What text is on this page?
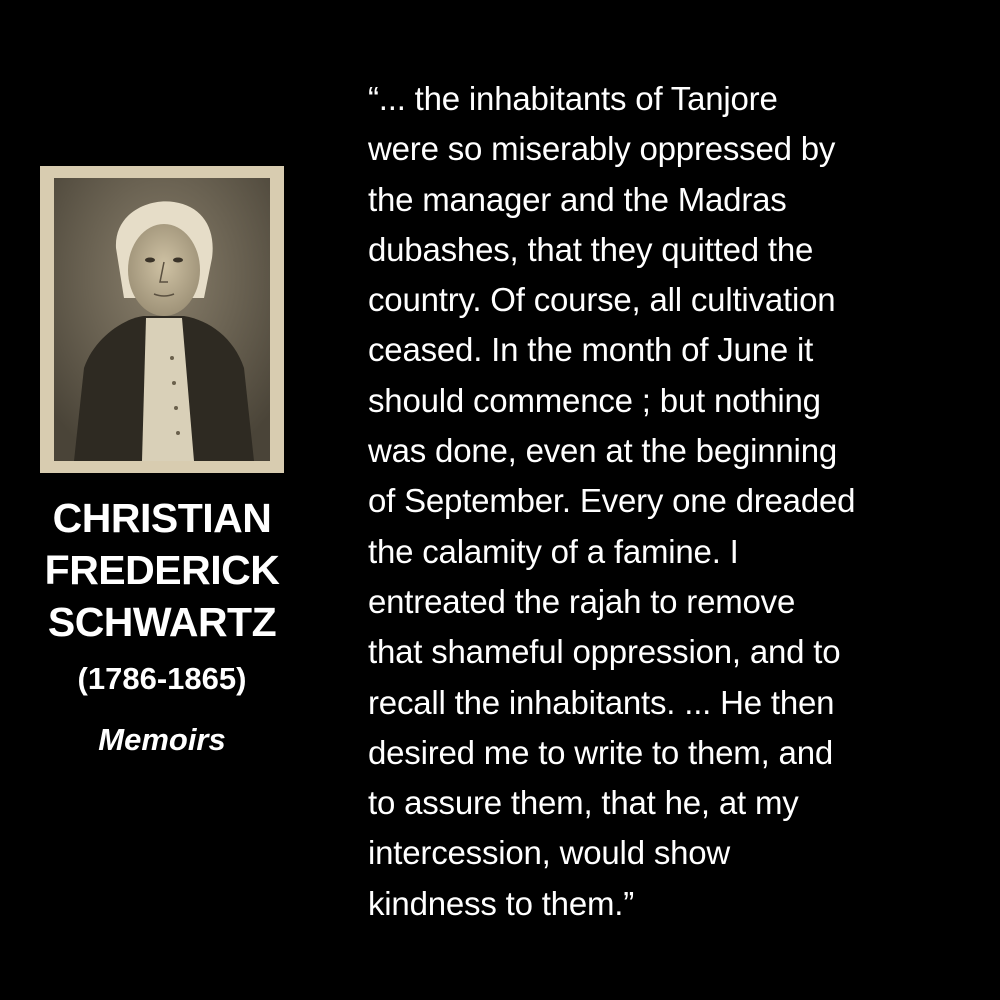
CHRISTIAN
FREDERICK
SCHWARTZ
(1786-1865)
Memoirs
“... the inhabitants of Tanjore
were so miserably oppressed by
the manager and the Madras
dubashes, that they quitted the
country. Of course, all cultivation
ceased. In the month of June it
should commence ; but nothing
was done, even at the beginning
of September. Every one dreaded
the calamity of a famine. I
entreated the rajah to remove
that shameful oppression, and to
recall the inhabitants. ... He then
desired me to write to them, and
to assure them, that he, at my
intercession, would show
kindness to them.”
